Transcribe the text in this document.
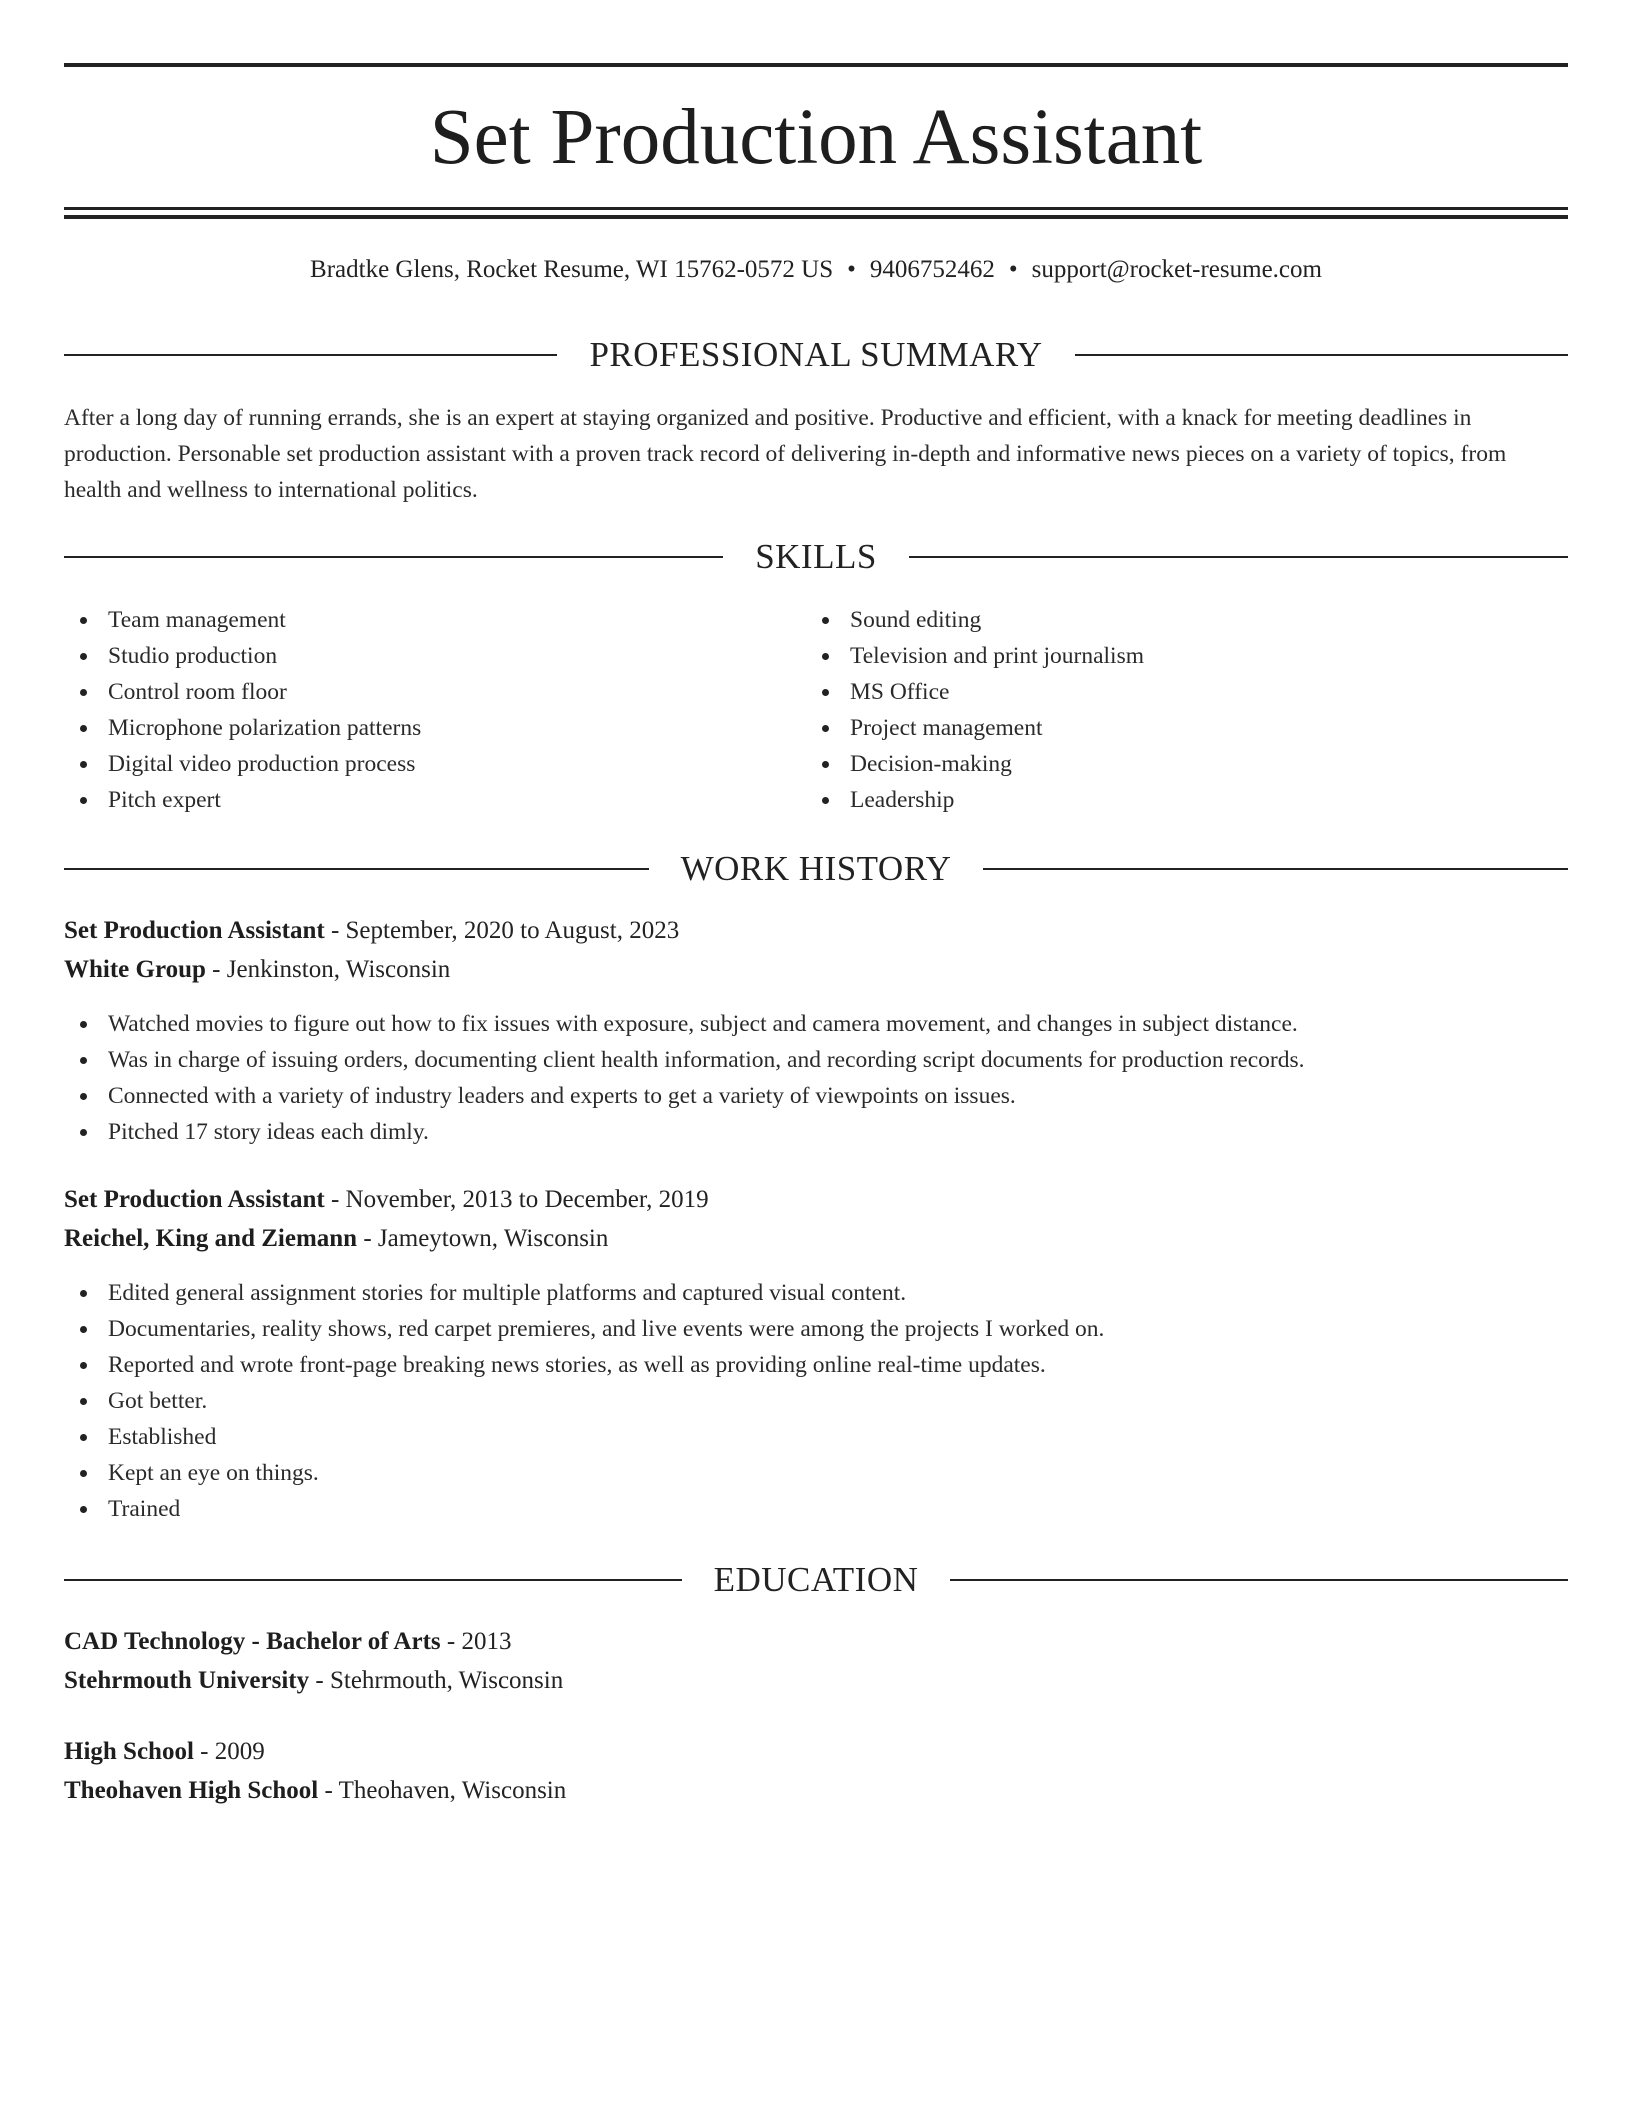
Set Production Assistant
Bradtke Glens, Rocket Resume, WI 15762-0572 US • 9406752462 • support@rocket-resume.com
PROFESSIONAL SUMMARY

After a long day of running errands, she is an expert at staying organized and positive. Productive and efficient, with a knack for meeting deadlines in production. Personable set production assistant with a proven track record of delivering in-depth and informative news pieces on a variety of topics, from health and wellness to international politics.

SKILLS
Team management
Studio production
Control room floor
Microphone polarization patterns
Digital video production process
Pitch expert
Sound editing
Television and print journalism
MS Office
Project management
Decision-making
Leadership
WORK HISTORY
Set Production Assistant - September, 2020 to August, 2023
White Group - Jenkinston, Wisconsin
Watched movies to figure out how to fix issues with exposure, subject and camera movement, and changes in subject distance.
Was in charge of issuing orders, documenting client health information, and recording script documents for production records.
Connected with a variety of industry leaders and experts to get a variety of viewpoints on issues.
Pitched 17 story ideas each dimly.
Set Production Assistant - November, 2013 to December, 2019
Reichel, King and Ziemann - Jameytown, Wisconsin
Edited general assignment stories for multiple platforms and captured visual content.
Documentaries, reality shows, red carpet premieres, and live events were among the projects I worked on.
Reported and wrote front-page breaking news stories, as well as providing online real-time updates.
Got better.
Established
Kept an eye on things.
Trained
EDUCATION
CAD Technology - Bachelor of Arts - 2013
Stehrmouth University - Stehrmouth, Wisconsin
High School - 2009
Theohaven High School - Theohaven, Wisconsin
